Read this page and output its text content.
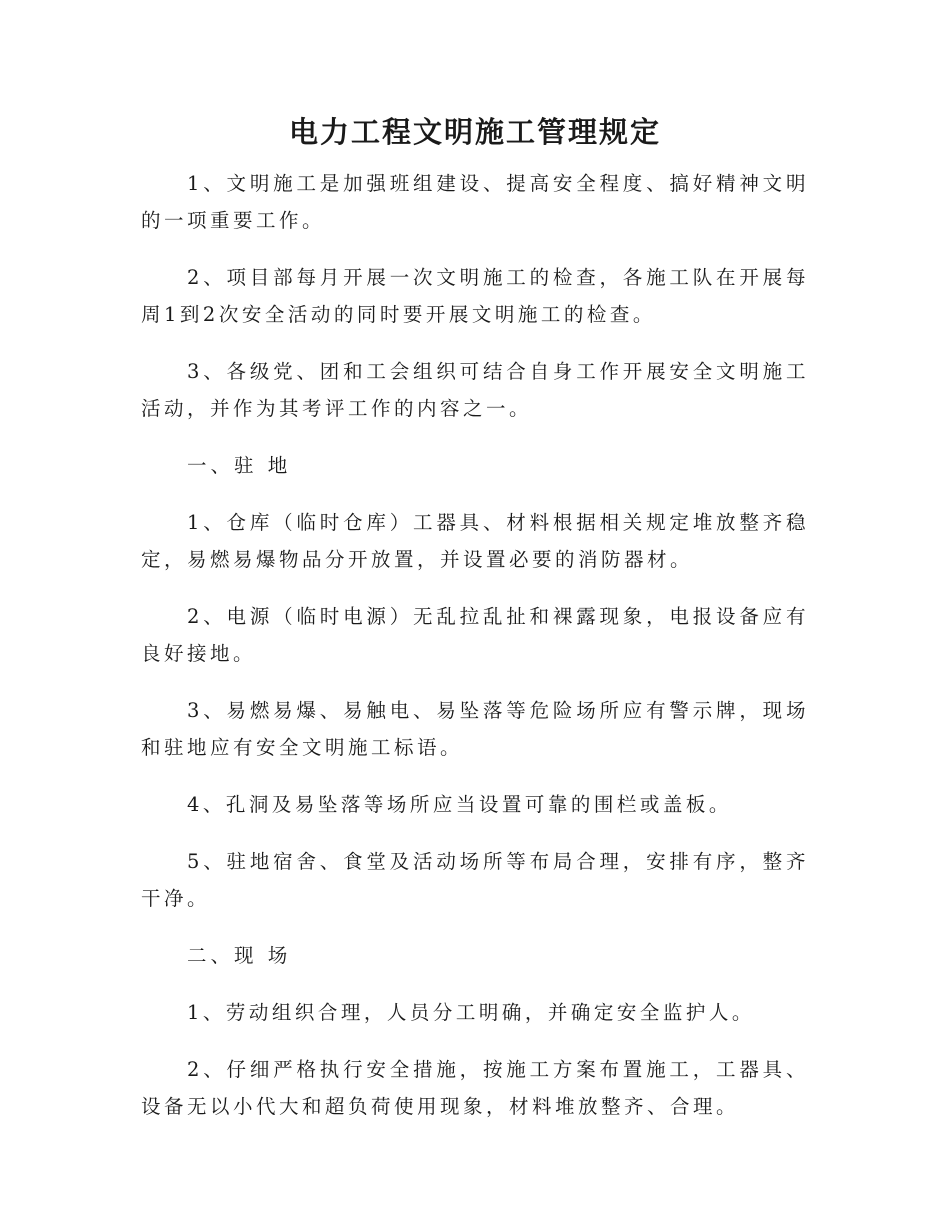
电力工程文明施工管理规定

1、文明施工是加强班组建设、提高安全程度、搞好精神文明的一项重要工作。

2、项目部每月开展一次文明施工的检查，各施工队在开展每周1到2次安全活动的同时要开展文明施工的检查。

3、各级党、团和工会组织可结合自身工作开展安全文明施工活动，并作为其考评工作的内容之一。

一、驻 地

1、仓库（临时仓库）工器具、材料根据相关规定堆放整齐稳定，易燃易爆物品分开放置，并设置必要的消防器材。

2、电源（临时电源）无乱拉乱扯和裸露现象，电报设备应有良好接地。

3、易燃易爆、易触电、易坠落等危险场所应有警示牌，现场和驻地应有安全文明施工标语。

4、孔洞及易坠落等场所应当设置可靠的围栏或盖板。

5、驻地宿舍、食堂及活动场所等布局合理，安排有序，整齐干净。

二、现 场

1、劳动组织合理，人员分工明确，并确定安全监护人。

2、仔细严格执行安全措施，按施工方案布置施工，工器具、设备无以小代大和超负荷使用现象，材料堆放整齐、合理。
